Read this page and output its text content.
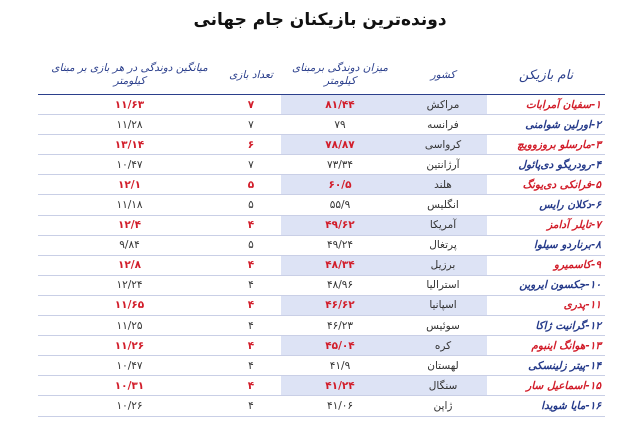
دونده‌ترین بازیکنان جام جهانی
نام بازیکن	کشور	میزان دوندگی برمبنای کیلومتر	تعداد بازی	میانگین دوندگی در هر بازی بر مبنای کیلومتر
۱-سفیان آمرابات	مراکش	۸۱/۴۴	۷	۱۱/۶۳
۲-اورلین شوامنی	فرانسه	۷۹	۷	۱۱/۲۸
۳-مارسلو بروزوویچ	کرواسی	۷۸/۸۷	۶	۱۳/۱۴
۴-رودریگو دی‌پائول	آرژانتین	۷۳/۳۴	۷	۱۰/۴۷
۵-فرانکی دی‌یونگ	هلند	۶۰/۵	۵	۱۲/۱
۶-دکلان رایس	انگلیس	۵۵/۹	۵	۱۱/۱۸
۷-تایلر آدامز	آمریکا	۴۹/۶۲	۴	۱۲/۴
۸-برناردو سیلوا	پرتغال	۴۹/۲۴	۵	۹/۸۴
۹-کاسمیرو	برزیل	۴۸/۳۴	۴	۱۲/۸
۱۰-جکسون ایروین	استرالیا	۴۸/۹۶	۴	۱۲/۲۴
۱۱-پدری	اسپانیا	۴۶/۶۲	۴	۱۱/۶۵
۱۲-گرانیت ژاکا	سوئیس	۴۶/۲۳	۴	۱۱/۲۵
۱۳-هوانگ اینبوم	کره	۴۵/۰۴	۴	۱۱/۲۶
۱۴-پیتر زلینسکی	لهستان	۴۱/۹	۴	۱۰/۴۷
۱۵-اسماعیل سار	سنگال	۴۱/۲۴	۴	۱۰/۳۱
۱۶-مایا شویدا	ژاپن	۴۱/۰۶	۴	۱۰/۲۶
